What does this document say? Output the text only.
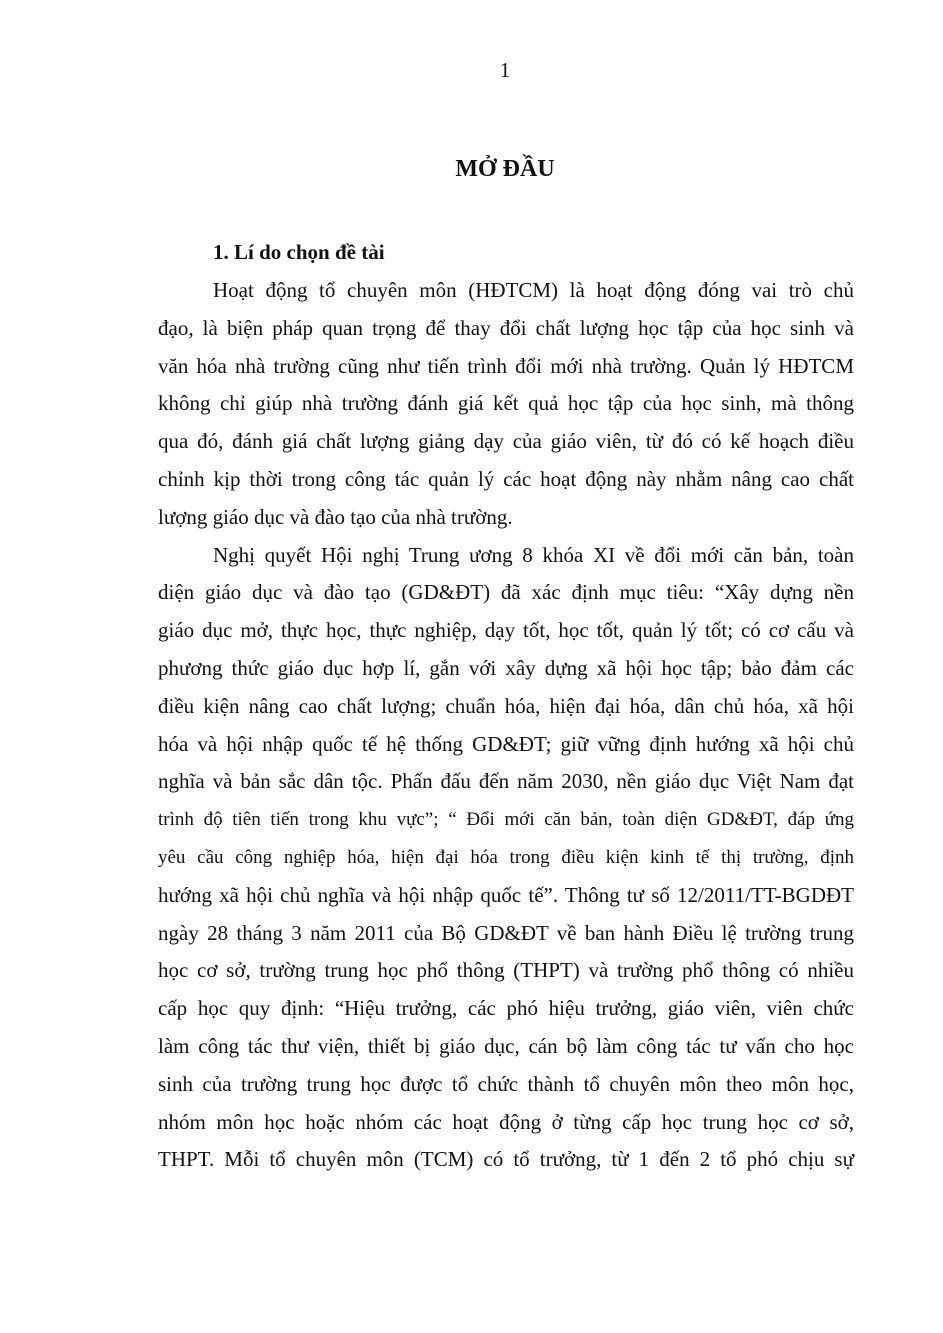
1
MỞ ĐẦU
1. Lí do chọn đề tài

Hoạt động tổ chuyên môn (HĐTCM) là hoạt động đóng vai trò chủ
đạo, là biện pháp quan trọng để thay đổi chất lượng học tập của học sinh và
văn hóa nhà trường cũng như tiến trình đổi mới nhà trường. Quản lý HĐTCM
không chỉ giúp nhà trường đánh giá kết quả học tập của học sinh, mà thông
qua đó, đánh giá chất lượng giảng dạy của giáo viên, từ đó có kế hoạch điều
chỉnh kịp thời trong công tác quản lý các hoạt động này nhằm nâng cao chất
lượng giáo dục và đào tạo của nhà trường.

Nghị quyết Hội nghị Trung ương 8 khóa XI về đổi mới căn bản, toàn
diện giáo dục và đào tạo (GD&ĐT) đã xác định mục tiêu: “Xây dựng nền
giáo dục mở, thực học, thực nghiệp, dạy tốt, học tốt, quản lý tốt; có cơ cấu và
phương thức giáo dục hợp lí, gắn với xây dựng xã hội học tập; bảo đảm các
điều kiện nâng cao chất lượng; chuẩn hóa, hiện đại hóa, dân chủ hóa, xã hội
hóa và hội nhập quốc tế hệ thống GD&ĐT; giữ vững định hướng xã hội chủ
nghĩa và bản sắc dân tộc. Phấn đấu đến năm 2030, nền giáo dục Việt Nam đạt
trình độ tiên tiến trong khu vực”; “ Đổi mới căn bản, toàn diện GD&ĐT, đáp ứng
yêu cầu công nghiệp hóa, hiện đại hóa trong điều kiện kinh tế thị trường, định
hướng xã hội chủ nghĩa và hội nhập quốc tế”. Thông tư số 12/2011/TT-BGDĐT
ngày 28 tháng 3 năm 2011 của Bộ GD&ĐT về ban hành Điều lệ trường trung
học cơ sở, trường trung học phổ thông (THPT) và trường phổ thông có nhiều
cấp học quy định: “Hiệu trưởng, các phó hiệu trưởng, giáo viên, viên chức
làm công tác thư viện, thiết bị giáo dục, cán bộ làm công tác tư vấn cho học
sinh của trường trung học được tổ chức thành tổ chuyên môn theo môn học,
nhóm môn học hoặc nhóm các hoạt động ở từng cấp học trung học cơ sở,
THPT. Mỗi tổ chuyên môn (TCM) có tổ trưởng, từ 1 đến 2 tổ phó chịu sự
